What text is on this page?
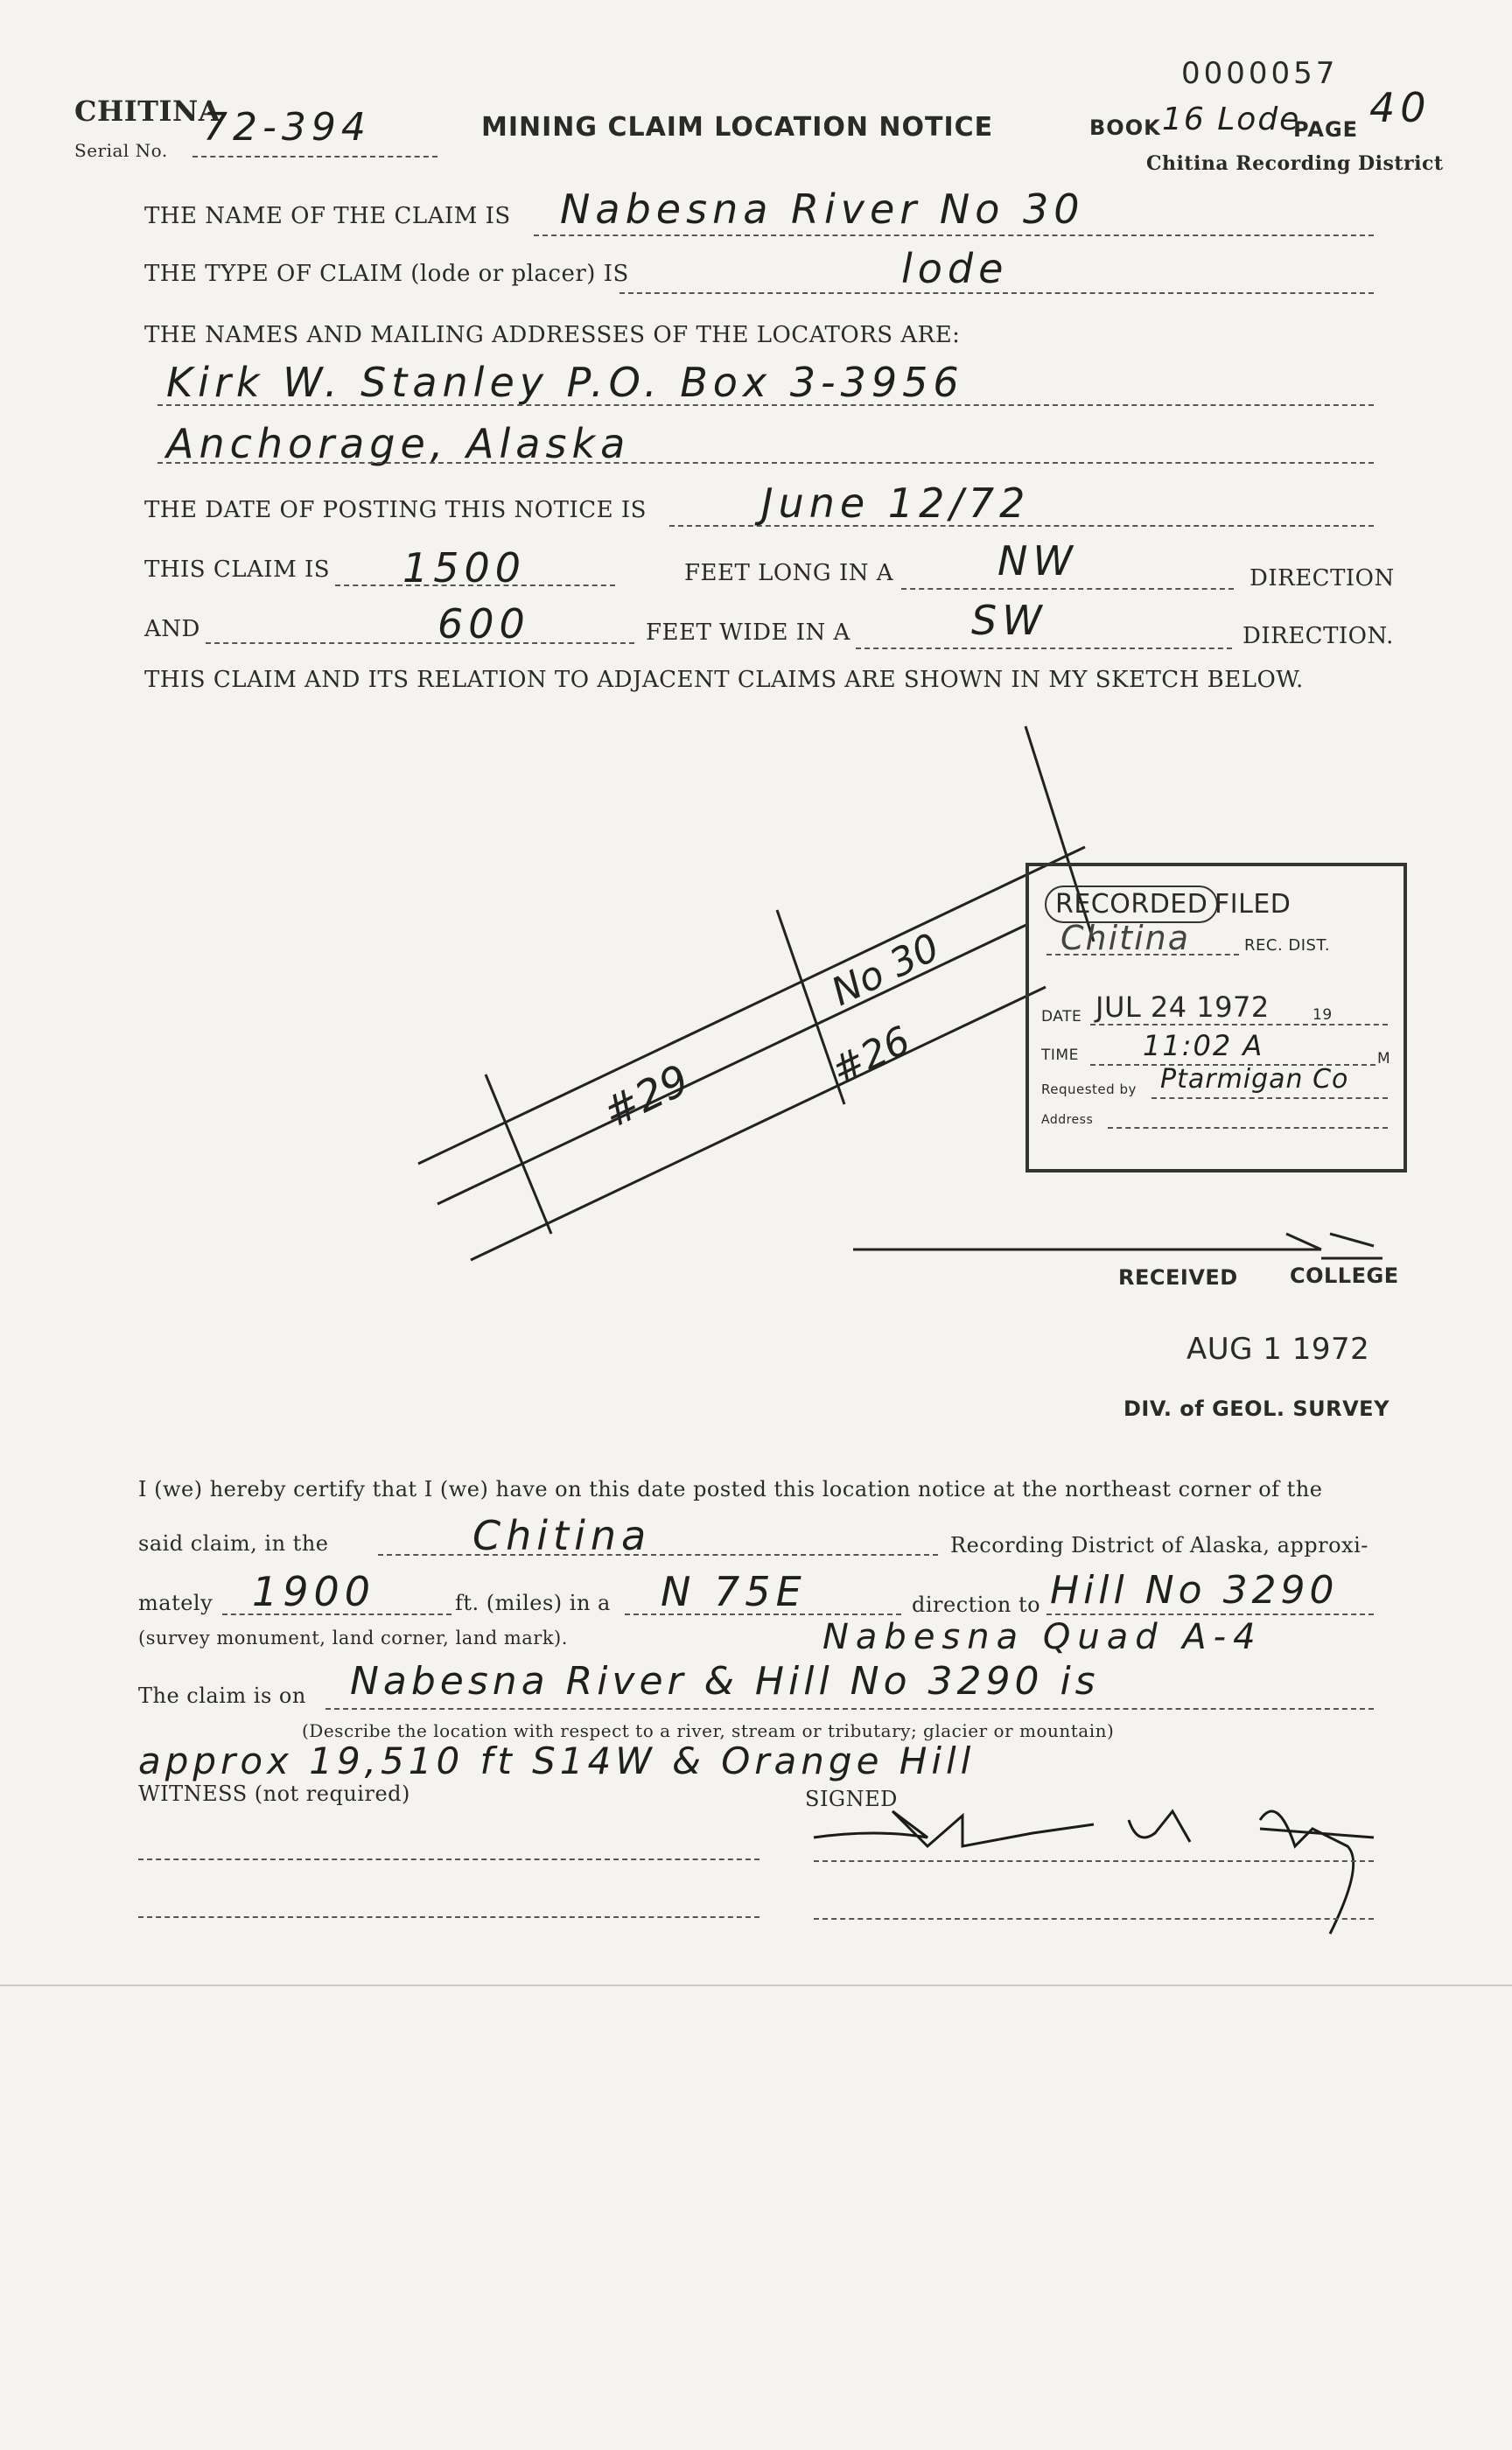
0000057
CHITINA
Serial No.
72-394	MINING CLAIM LOCATION NOTICE	BOOK 16 Lode
PAGE 40
Chitina Recording District
THE NAME OF THE CLAIM IS Nabesna River No 30
THE TYPE OF CLAIM (lode or placer) IS	lode
THE NAMES AND MAILING ADDRESSES OF THE LOCATORS ARE:
Kirk W. Stanley P.O. Box 3-3956
Anchorage, Alaska
THE DATE OF POSTING THIS NOTICE IS	June 12/72
THIS CLAIM IS 1500	FEET LONG IN A	NW	DIRECTION
AND	600	FEET WIDE IN A	SW	DIRECTION.
THIS CLAIM AND ITS RELATION TO ADJACENT CLAIMS ARE SHOWN IN MY SKETCH BELOW.
#29
No 30
#26
RECORDED FILED
Chitina	REC. DIST.
DATE JUL 24 1972	19
TIME 11:02 A	M
Requested by Ptarmigan Co
Address
RECEIVED COLLEGE
AUG 1 1972
DIV. of GEOL. SURVEY
I (we) hereby certify that I (we) have on this date posted this location notice at the northeast corner of the
said claim, in the	Chitina	Recording District of Alaska, approxi-
mately 1900	ft. (miles) in a N 75E	direction to Hill No 3290
(survey monument, land corner, land mark).	Nabesna Quad A-4
The claim is on Nabesna River & Hill No 3290 is
(Describe the location with respect to a river, stream or tributary; glacier or mountain)
approx 19,510 ft S14W & Orange Hill
WITNESS (not required)	SIGNED
